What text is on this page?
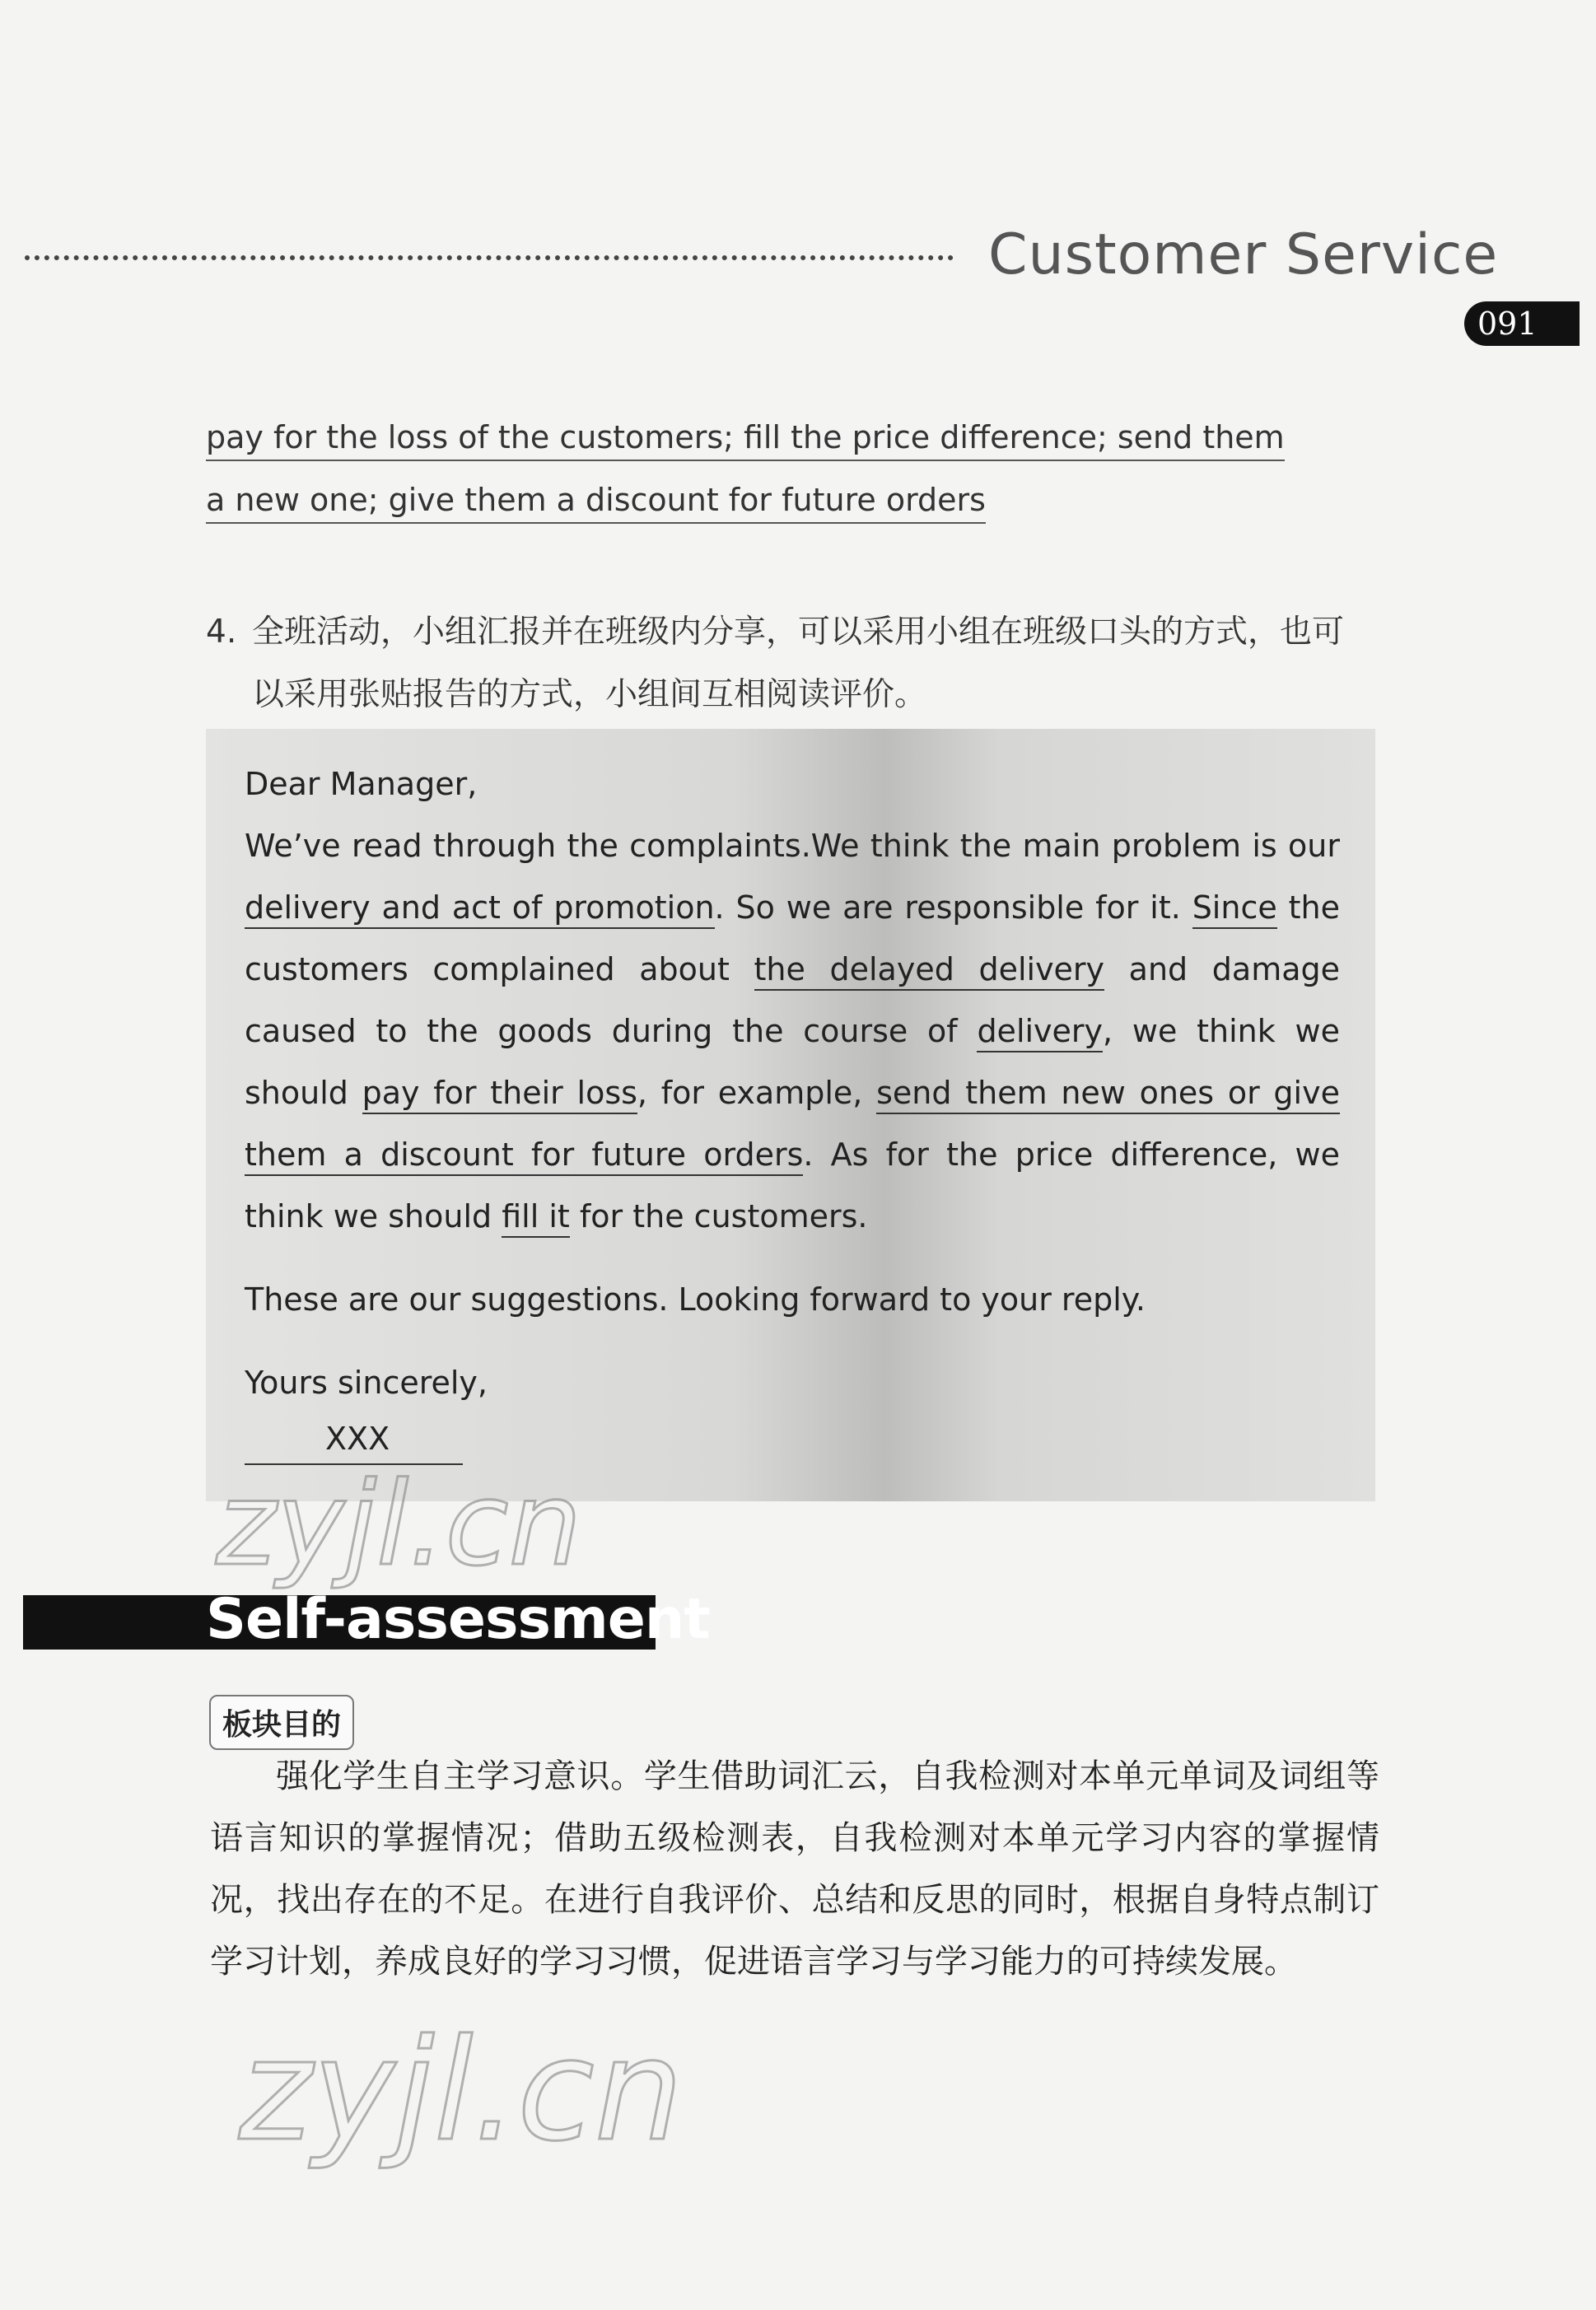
Customer Service
091
pay for the loss of the customers; fill the price difference; send them
a new one; give them a discount for future orders
4. 全班活动，小组汇报并在班级内分享，可以采用小组在班级口头的方式，也可
以采用张贴报告的方式，小组间互相阅读评价。

Dear Manager,

We’ve read through the complaints.We think the main problem is our delivery and act of promotion. So we are responsible for it. Since the customers complained about the delayed delivery and damage caused to the goods during the course of delivery, we think we should pay for their loss, for example, send them new ones or give them a discount for future orders. As for the price difference, we think we should fill it for the customers.

These are our suggestions. Looking forward to your reply.

Yours sincerely,

XXX
zyjl.cn
Self-assessment
板块目的
强化学生自主学习意识。学生借助词汇云，自我检测对本单元单词及词组等语言知识的掌握情况；借助五级检测表，自我检测对本单元学习内容的掌握情况，找出存在的不足。在进行自我评价、总结和反思的同时，根据自身特点制订学习计划，养成良好的学习习惯，促进语言学习与学习能力的可持续发展。
zyjl.cn
